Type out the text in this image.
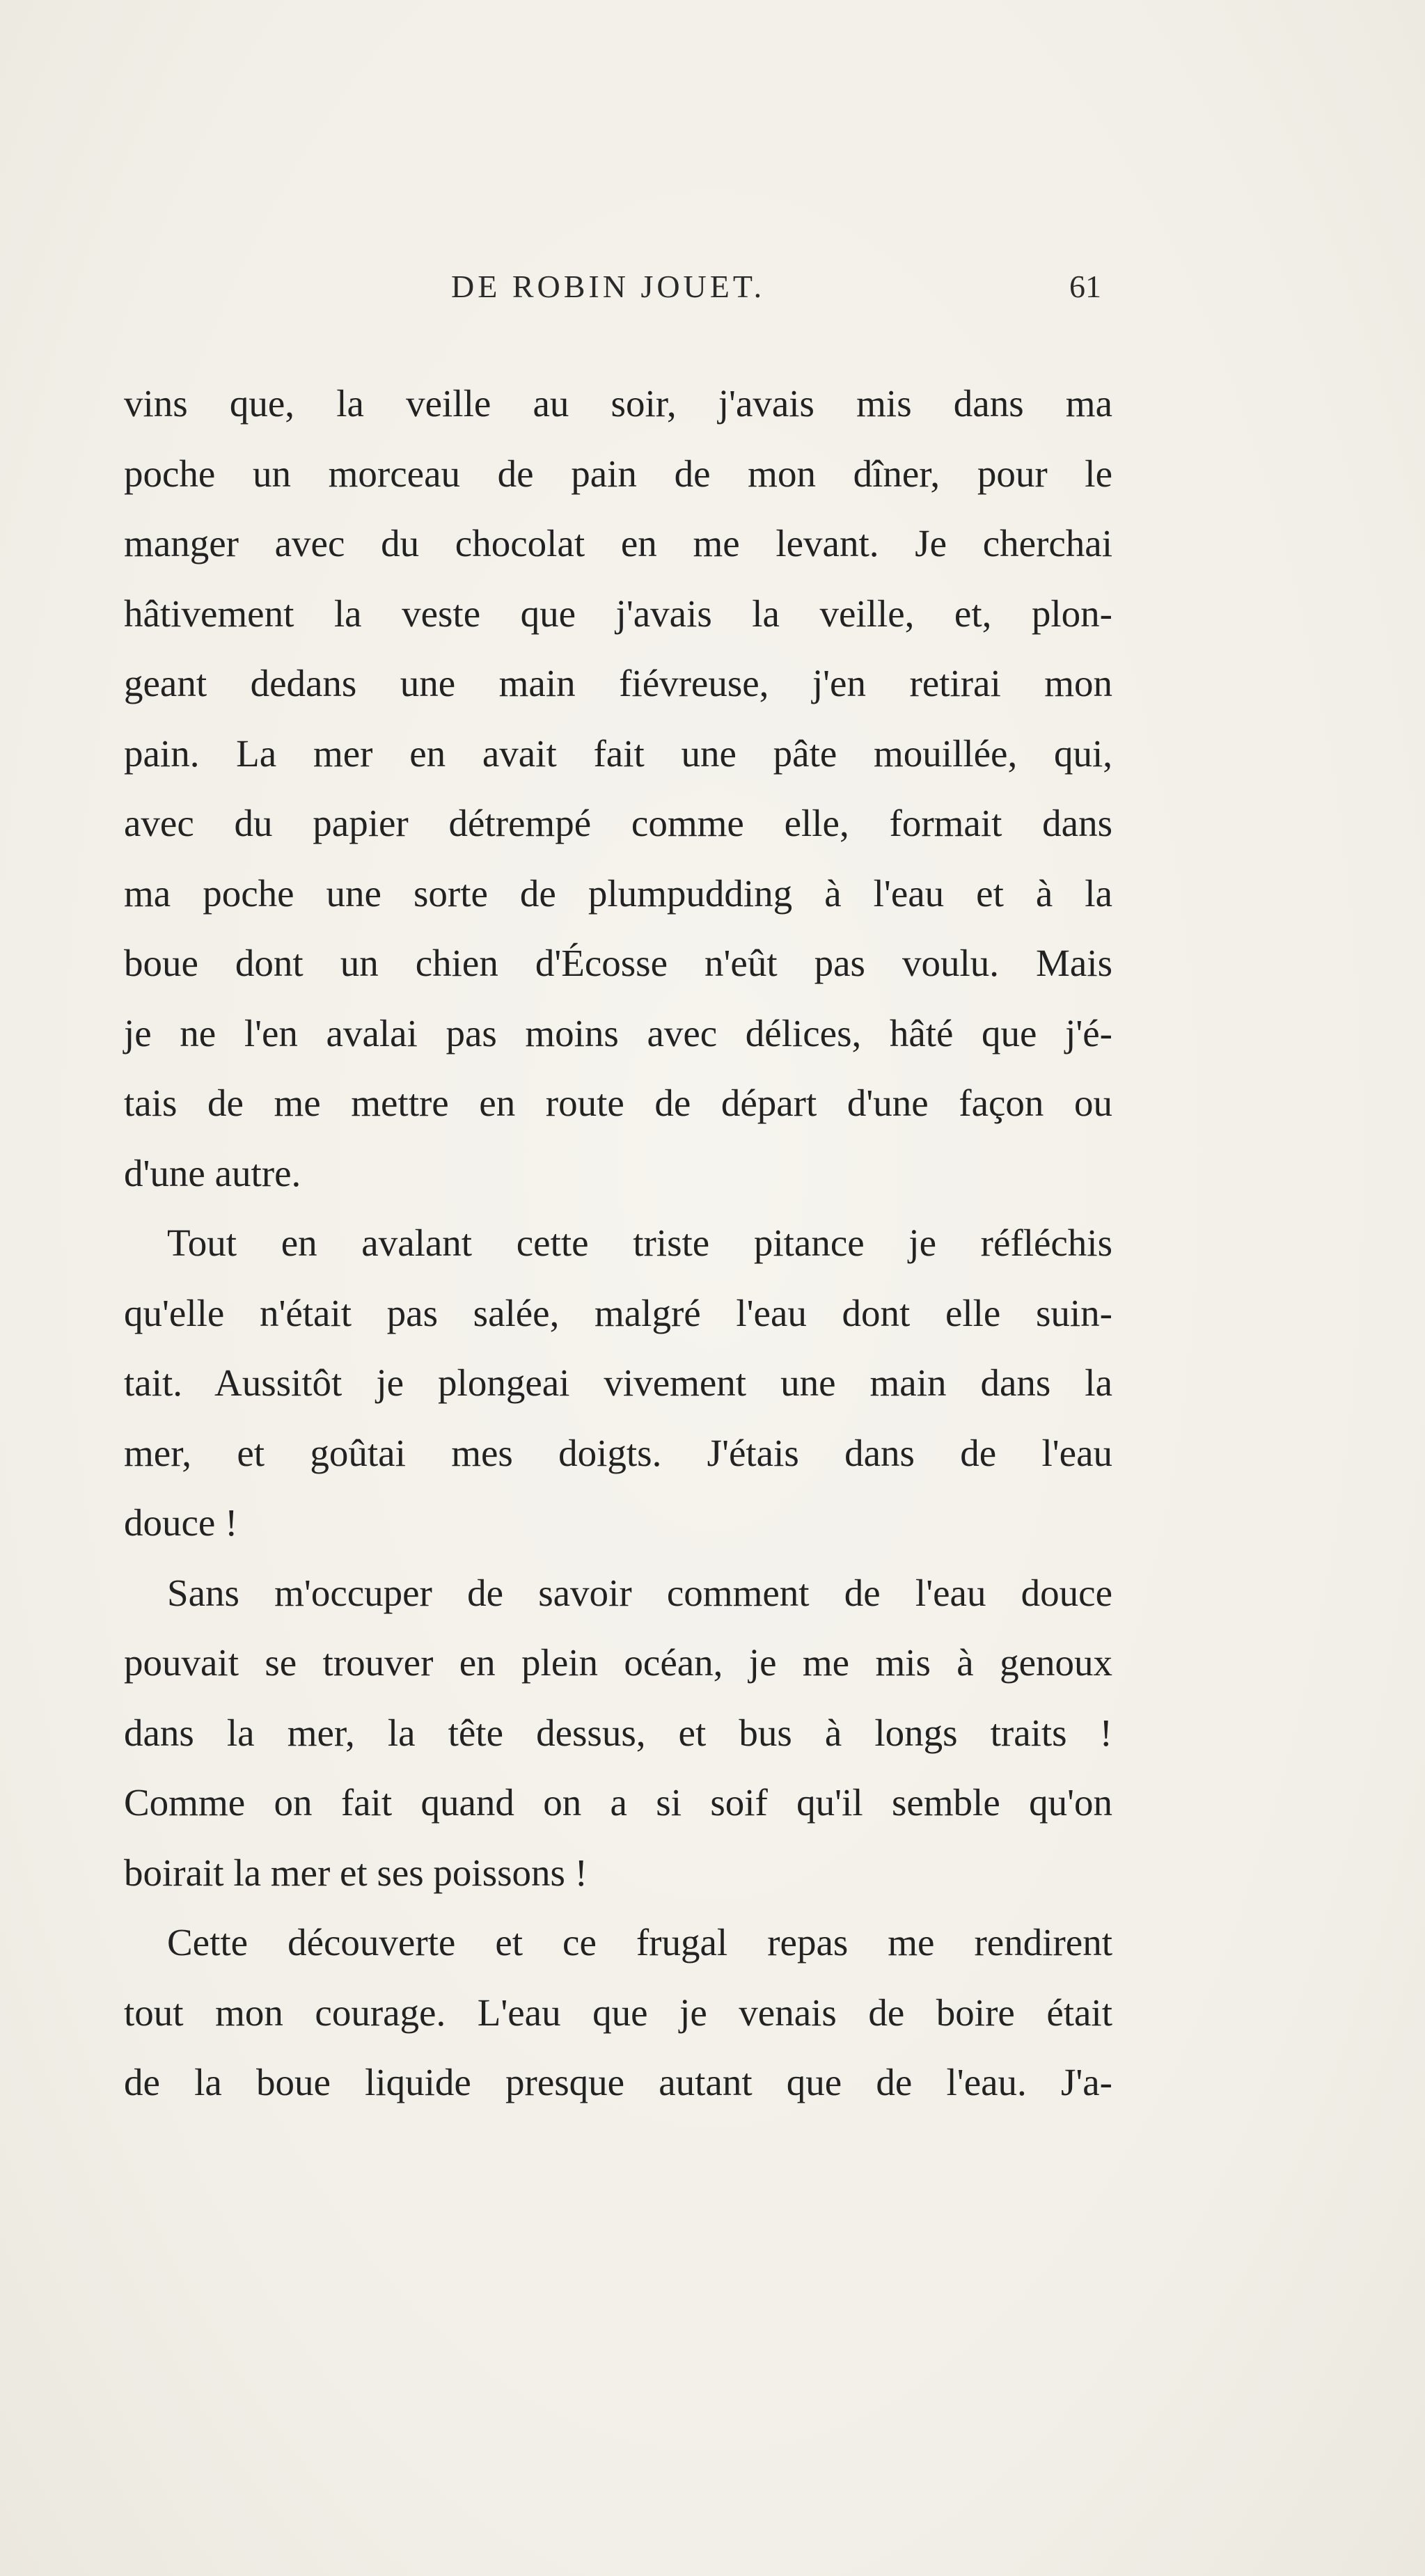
DE ROBIN JOUET.	61
vins que, la veille au soir, j'avais mis dans ma
poche un morceau de pain de mon dîner, pour le
manger avec du chocolat en me levant. Je cherchai
hâtivement la veste que j'avais la veille, et, plon-
geant dedans une main fiévreuse, j'en retirai mon
pain. La mer en avait fait une pâte mouillée, qui,
avec du papier détrempé comme elle, formait dans
ma poche une sorte de plumpudding à l'eau et à la
boue dont un chien d'Écosse n'eût pas voulu. Mais
je ne l'en avalai pas moins avec délices, hâté que j'é-
tais de me mettre en route de départ d'une façon ou
d'une autre.
Tout en avalant cette triste pitance je réfléchis
qu'elle n'était pas salée, malgré l'eau dont elle suin-
tait. Aussitôt je plongeai vivement une main dans la
mer, et goûtai mes doigts. J'étais dans de l'eau
douce !
Sans m'occuper de savoir comment de l'eau douce
pouvait se trouver en plein océan, je me mis à genoux
dans la mer, la tête dessus, et bus à longs traits !
Comme on fait quand on a si soif qu'il semble qu'on
boirait la mer et ses poissons !
Cette découverte et ce frugal repas me rendirent
tout mon courage. L'eau que je venais de boire était
de la boue liquide presque autant que de l'eau. J'a-
